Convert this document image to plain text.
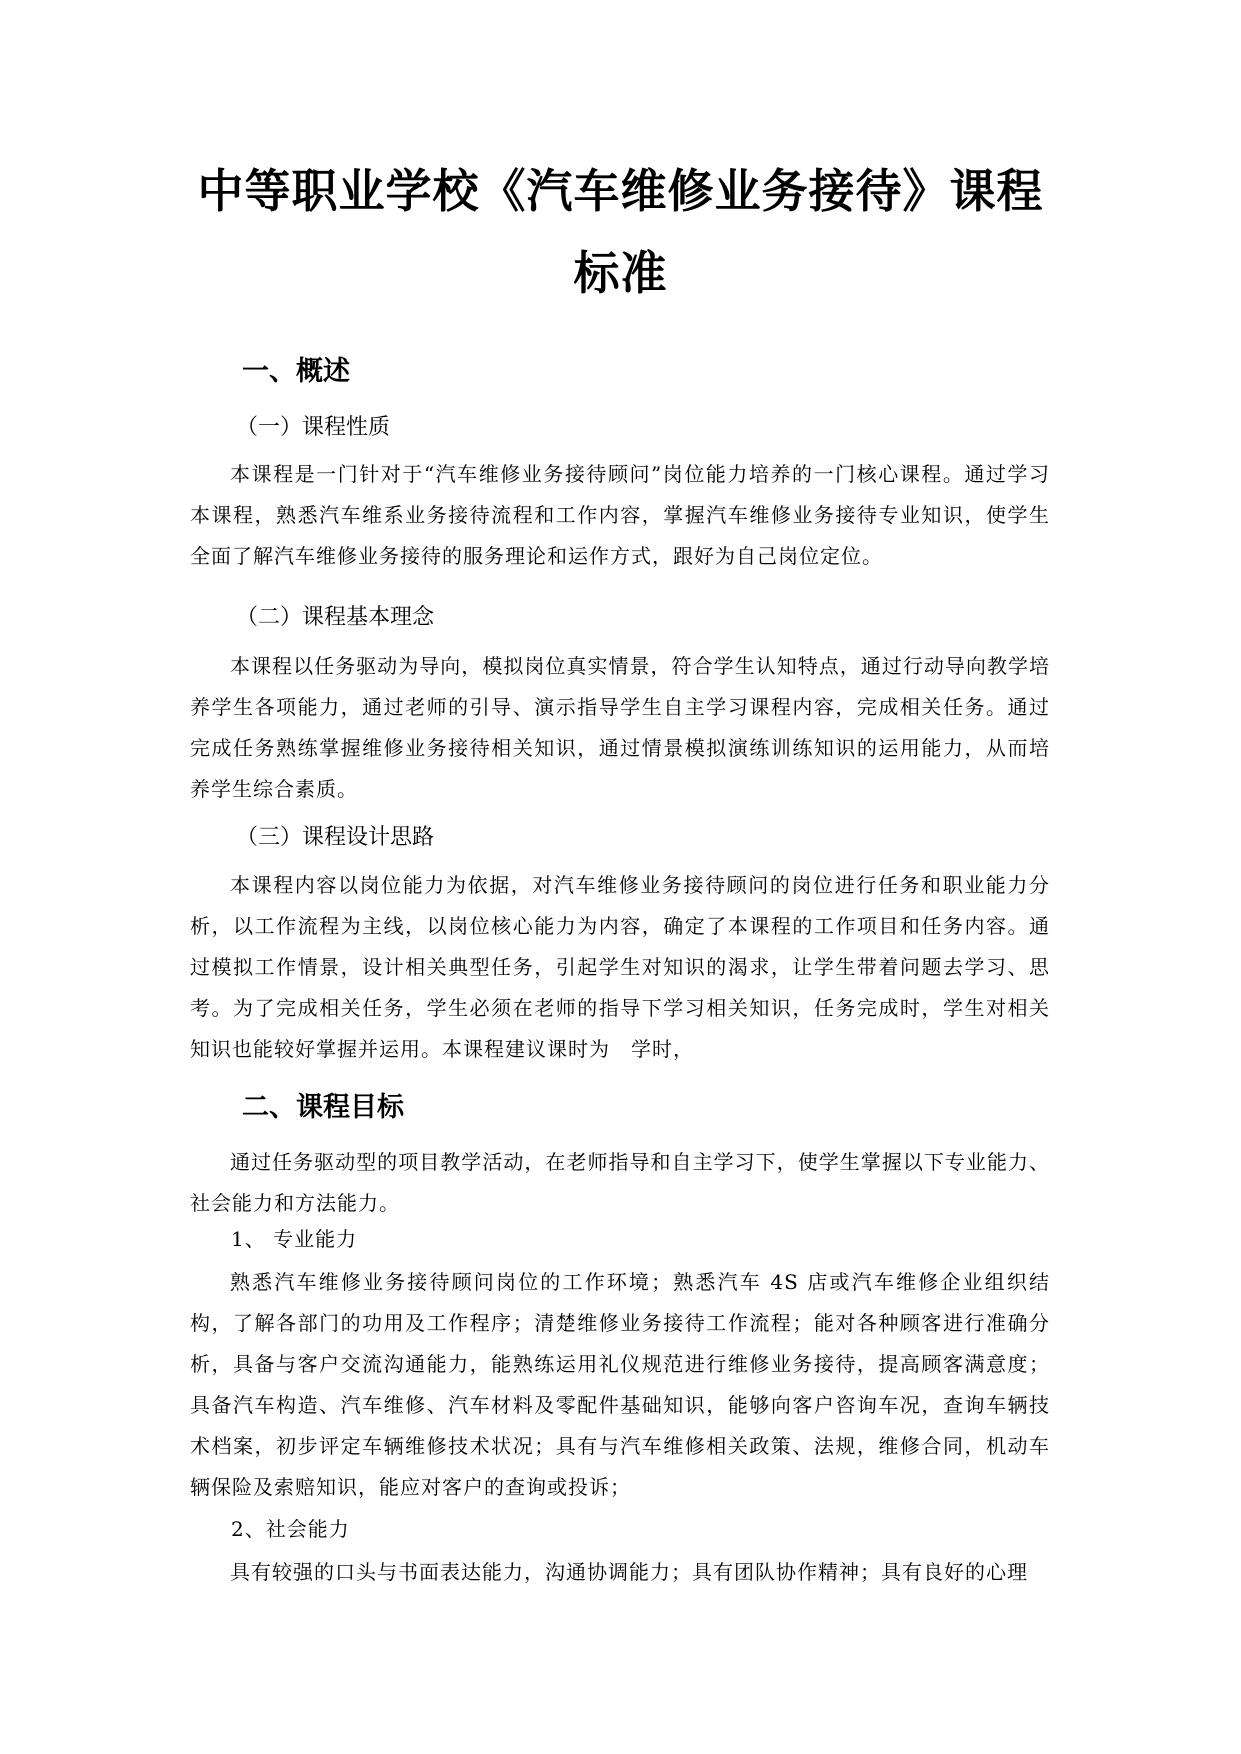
中等职业学校《汽车维修业务接待》课程
标准
一、概述
（一）课程性质
本课程是一门针对于“汽车维修业务接待顾问”岗位能力培养的一门核心课程。通过学习本课程，熟悉汽车维系业务接待流程和工作内容，掌握汽车维修业务接待专业知识，使学生全面了解汽车维修业务接待的服务理论和运作方式，跟好为自己岗位定位。
（二）课程基本理念
本课程以任务驱动为导向，模拟岗位真实情景，符合学生认知特点，通过行动导向教学培养学生各项能力，通过老师的引导、演示指导学生自主学习课程内容，完成相关任务。通过完成任务熟练掌握维修业务接待相关知识，通过情景模拟演练训练知识的运用能力，从而培养学生综合素质。
（三）课程设计思路
本课程内容以岗位能力为依据，对汽车维修业务接待顾问的岗位进行任务和职业能力分析，以工作流程为主线，以岗位核心能力为内容，确定了本课程的工作项目和任务内容。通过模拟工作情景，设计相关典型任务，引起学生对知识的渴求，让学生带着问题去学习、思考。为了完成相关任务，学生必须在老师的指导下学习相关知识，任务完成时，学生对相关知识也能较好掌握并运用。本课程建议课时为　学时，
二、课程目标
通过任务驱动型的项目教学活动，在老师指导和自主学习下，使学生掌握以下专业能力、社会能力和方法能力。
1、 专业能力
熟悉汽车维修业务接待顾问岗位的工作环境；熟悉汽车 4S 店或汽车维修企业组织结构，了解各部门的功用及工作程序；清楚维修业务接待工作流程；能对各种顾客进行准确分析，具备与客户交流沟通能力，能熟练运用礼仪规范进行维修业务接待，提高顾客满意度；具备汽车构造、汽车维修、汽车材料及零配件基础知识，能够向客户咨询车况，查询车辆技术档案，初步评定车辆维修技术状况；具有与汽车维修相关政策、法规，维修合同，机动车辆保险及索赔知识，能应对客户的查询或投诉；
2、社会能力
具有较强的口头与书面表达能力，沟通协调能力；具有团队协作精神；具有良好的心理
